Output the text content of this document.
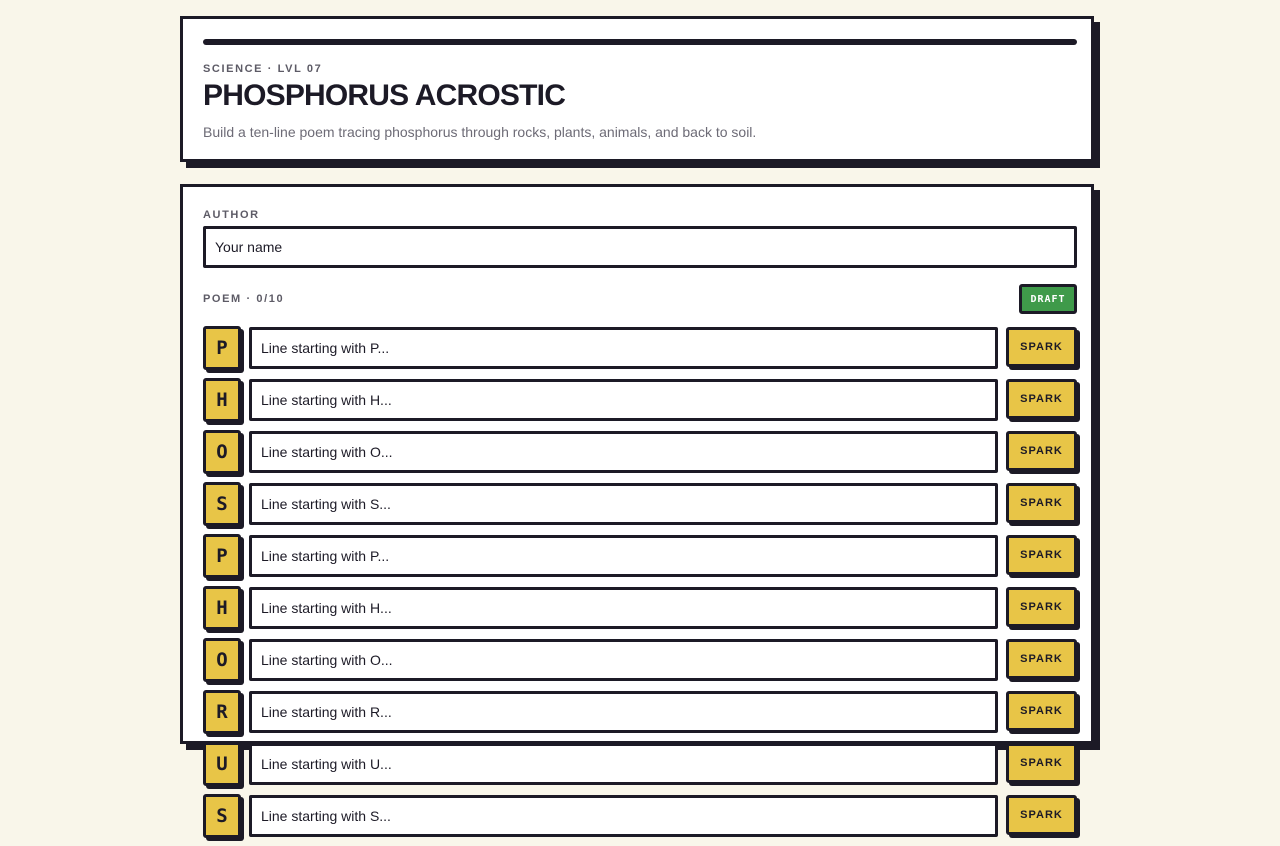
SCIENCE · LVL 07
PHOSPHORUS ACROSTIC

Build a ten-line poem tracing phosphorus through rocks, plants, animals, and back to soil.

AUTHOR
Your name
POEM · 0/10	DRAFT
P
Line starting with P...	SPARK
H
Line starting with H...	SPARK
O
Line starting with O...	SPARK
S
Line starting with S...	SPARK
P
Line starting with P...	SPARK
H
Line starting with H...	SPARK
O
Line starting with O...	SPARK
R
Line starting with R...	SPARK
U
Line starting with U...	SPARK
S
Line starting with S...	SPARK
